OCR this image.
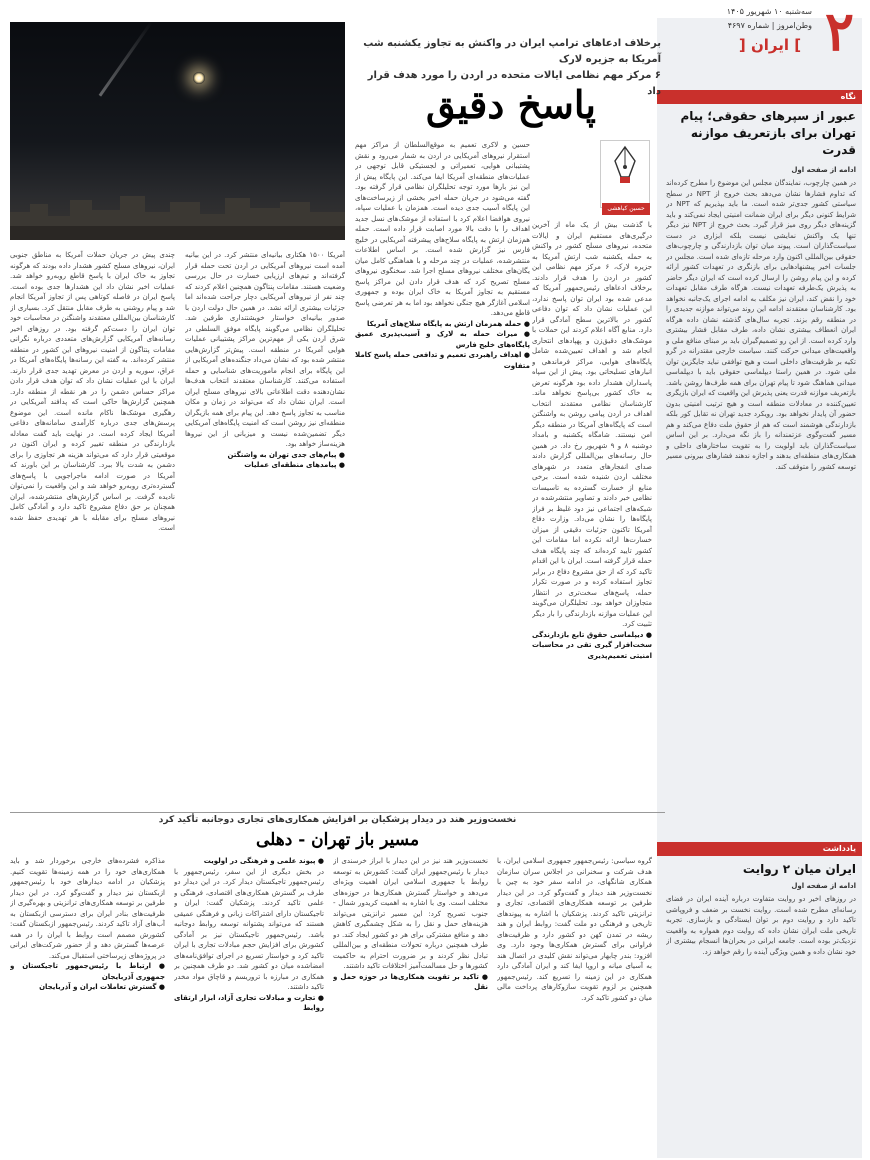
۲
سه‌شنبه ۱۰ شهریور ۱۴۰۵
وطن‌امروز | شماره ۴۶۹۷
] ایران [
نگاه
عبور از سپرهای حقوقی؛ پیام تهران برای بازتعریف موازنه قدرت
ادامه از صفحه اول
در همین چارچوب، نمایندگان مجلس این موضوع را مطرح کرده‌اند که تداوم فشارها نشان می‌دهد بحث خروج از NPT در سطح سیاستی کشور جدی‌تر شده است. ما باید بپذیریم که NPT در شرایط کنونی دیگر برای ایران ضمانت امنیتی ایجاد نمی‌کند و باید گزینه‌های دیگر روی میز قرار گیرد. بحث خروج از NPT نیز دیگر تنها یک واکنش نمایشی نیست بلکه ابزاری در دست سیاست‌گذاران است. پیوند میان توان بازدارندگی و چارچوب‌های حقوقی بین‌المللی اکنون وارد مرحله تازه‌ای شده است. مجلس در جلسات اخیر پیشنهادهایی برای بازنگری در تعهدات کشور ارائه کرده و این پیام روشن را ارسال کرده است که ایران دیگر حاضر به پذیرش یک‌طرفه تعهدات نیست. هرگاه طرف مقابل تعهدات خود را نقض کند، ایران نیز مکلف به ادامه اجرای یک‌جانبه نخواهد بود. کارشناسان معتقدند ادامه این روند می‌تواند موازنه جدیدی را در منطقه رقم بزند. تجربه سال‌های گذشته نشان داده هرگاه ایران انعطاف بیشتری نشان داده، طرف مقابل فشار بیشتری وارد کرده است. از این رو تصمیم‌گیران باید بر مبنای منافع ملی و واقعیت‌های میدانی حرکت کنند. سیاست خارجی مقتدرانه در گرو تکیه بر ظرفیت‌های داخلی است و هیچ توافقی نباید جایگزین توان ملی شود. در همین راستا دیپلماسی حقوقی باید با دیپلماسی میدانی هماهنگ شود تا پیام تهران برای همه طرف‌ها روشن باشد. بازتعریف موازنه قدرت یعنی پذیرش این واقعیت که ایران بازیگری تعیین‌کننده در معادلات منطقه است و هیچ ترتیب امنیتی بدون حضور آن پایدار نخواهد بود. رویکرد جدید تهران نه تقابل کور بلکه بازدارندگی هوشمند است که هم از حقوق ملت دفاع می‌کند و هم مسیر گفت‌وگوی عزتمندانه را باز نگه می‌دارد. بر این اساس سیاست‌گذاران باید اولویت را به تقویت ساختارهای داخلی و همکاری‌های منطقه‌ای بدهند و اجازه ندهند فشارهای بیرونی مسیر توسعه کشور را متوقف کند.
یادداشت
ایران میان ۲ روایت
ادامه از صفحه اول
در روزهای اخیر دو روایت متفاوت درباره آینده ایران در فضای رسانه‌ای مطرح شده است. روایت نخست بر ضعف و فروپاشی تاکید دارد و روایت دوم بر توان ایستادگی و بازسازی. تجربه تاریخی ملت ایران نشان داده که روایت دوم همواره به واقعیت نزدیک‌تر بوده است. جامعه ایرانی در بحران‌ها انسجام بیشتری از خود نشان داده و همین ویژگی آینده را رقم خواهد زد.
برخلاف ادعاهای ترامپ ایران در واکنش به تجاوز یکشنبه شب آمریکا به جزیره لارک
۶ مرکز مهم نظامی ایالات متحده در اردن را مورد هدف قرار داد
پاسخ دقیق
حسین کیاهشی
با گذشت بیش از یک ماه از آخرین درگیری‌های مستقیم ایران و ایالات متحده، نیروهای مسلح کشور در واکنش به حمله یکشنبه شب ارتش آمریکا به جزیره لارک، ۶ مرکز مهم نظامی این کشور در اردن را هدف قرار دادند. برخلاف ادعاهای رئیس‌جمهور آمریکا که مدعی شده بود ایران توان پاسخ ندارد، این عملیات نشان داد که توان دفاعی کشور در بالاترین سطح آمادگی قرار دارد. منابع آگاه اعلام کردند این حملات با موشک‌های دقیق‌زن و پهپادهای انتحاری انجام شد و اهداف تعیین‌شده شامل پایگاه‌های هوایی، مراکز فرماندهی و انبارهای تسلیحاتی بود. پیش از این سپاه پاسداران هشدار داده بود هرگونه تعرض به خاک کشور بی‌پاسخ نخواهد ماند. کارشناسان نظامی معتقدند انتخاب اهداف در اردن پیامی روشن به واشنگتن است که پایگاه‌های آمریکا در منطقه دیگر امن نیستند. شامگاه یکشنبه و بامداد دوشنبه ۸ و ۹ شهریور رخ داد. در همین حال رسانه‌های بین‌المللی گزارش دادند صدای انفجارهای متعدد در شهرهای مختلف اردن شنیده شده است. برخی منابع از خسارت گسترده به تاسیسات نظامی خبر دادند و تصاویر منتشرشده در شبکه‌های اجتماعی نیز دود غلیظ بر فراز پایگاه‌ها را نشان می‌داد. وزارت دفاع آمریکا تاکنون جزئیات دقیقی از میزان خسارت‌ها ارائه نکرده اما مقامات این کشور تایید کرده‌اند که چند پایگاه هدف حمله قرار گرفته است. ایران با این اقدام تاکید کرد که از حق مشروع دفاع در برابر تجاوز استفاده کرده و در صورت تکرار حمله، پاسخ‌های سخت‌تری در انتظار متجاوزان خواهد بود. تحلیلگران می‌گویند این عملیات موازنه بازدارندگی را بار دیگر تثبیت کرد.
● دیپلماسی حقوق تابع بازدارندگی سخت‌افزار گیری تقی در محاسبات امنیتی تعمیم‌پذیری
حسین و لاکری تعمیم به موقع‌السلطان از مراکز مهم استقرار نیروهای آمریکایی در اردن به شمار می‌رود و نقش پشتیبانی هوایی، تعمیراتی و لجستیکی قابل توجهی در عملیات‌های منطقه‌ای آمریکا ایفا می‌کند. این پایگاه پیش از این نیز بارها مورد توجه تحلیلگران نظامی قرار گرفته بود. گفته می‌شود در جریان حمله اخیر بخشی از زیرساخت‌های این پایگاه آسیب جدی دیده است. همزمان با عملیات سپاه، نیروی هوافضا اعلام کرد با استفاده از موشک‌های نسل جدید اهداف را با دقت بالا مورد اصابت قرار داده است. حمله هم‌زمان ارتش به پایگاه سلاح‌های پیشرفته آمریکایی در خلیج فارس نیز گزارش شده است. بر اساس اطلاعات منتشرشده، عملیات در چند مرحله و با هماهنگی کامل میان یگان‌های مختلف نیروهای مسلح اجرا شد. سخنگوی نیروهای مسلح تصریح کرد که هدف قرار دادن این مراکز پاسخ مستقیم به تجاوز آمریکا به خاک ایران بوده و جمهوری اسلامی آغازگر هیچ جنگی نخواهد بود اما به هر تعرضی پاسخ قاطع می‌دهد.
● حمله همزمان ارتش به پایگاه سلاح‌های آمریکا
● میراث حمله به لارک و آسیب‌پذیری عمیق پایگاه‌های خلیج فارس
● اهداف راهبردی تعمیم و تدافعی حمله پاسخ کاملا متفاوت
آمریکا ۱۵۰۰ هکتاری بیانیه‌ای منتشر کرد. در این بیانیه آمده است نیروهای آمریکایی در اردن تحت حمله قرار گرفته‌اند و تیم‌های ارزیابی خسارت در حال بررسی وضعیت هستند. مقامات پنتاگون همچنین اعلام کردند که چند نفر از نیروهای آمریکایی دچار جراحت شده‌اند اما جزئیات بیشتری ارائه نشد. در همین حال دولت اردن با صدور بیانیه‌ای خواستار خویشتنداری طرفین شد. تحلیلگران نظامی می‌گویند پایگاه موفق السلطی در شرق اردن یکی از مهم‌ترین مراکز پشتیبانی عملیات هوایی آمریکا در منطقه است. پیش‌تر گزارش‌هایی منتشر شده بود که نشان می‌داد جنگنده‌های آمریکایی از این پایگاه برای انجام ماموریت‌های شناسایی و حمله استفاده می‌کنند. کارشناسان معتقدند انتخاب هدف‌ها نشان‌دهنده دقت اطلاعاتی بالای نیروهای مسلح ایران است. ایران نشان داد که می‌تواند در زمان و مکان مناسب به تجاوز پاسخ دهد. این پیام برای همه بازیگران منطقه‌ای نیز روشن است که امنیت پایگاه‌های آمریکایی دیگر تضمین‌شده نیست و میزبانی از این نیروها هزینه‌ساز خواهد بود.
● پیام‌های جدی تهران به واشنگتن
● پیامدهای منطقه‌ای عملیات
چندی پیش در جریان حملات آمریکا به مناطق جنوبی ایران، نیروهای مسلح کشور هشدار داده بودند که هرگونه تجاوز به خاک ایران با پاسخ قاطع روبه‌رو خواهد شد. عملیات اخیر نشان داد این هشدارها جدی بوده است. پاسخ ایران در فاصله کوتاهی پس از تجاوز آمریکا انجام شد و پیام روشنی به طرف مقابل منتقل کرد. بسیاری از کارشناسان بین‌المللی معتقدند واشنگتن در محاسبات خود توان ایران را دست‌کم گرفته بود. در روزهای اخیر رسانه‌های آمریکایی گزارش‌های متعددی درباره نگرانی مقامات پنتاگون از امنیت نیروهای این کشور در منطقه منتشر کرده‌اند. به گفته این رسانه‌ها پایگاه‌های آمریکا در عراق، سوریه و اردن در معرض تهدید جدی قرار دارند. ایران با این عملیات نشان داد که توان هدف قرار دادن مراکز حساس دشمن را در هر نقطه از منطقه دارد. همچنین گزارش‌ها حاکی است که پدافند آمریکایی در رهگیری موشک‌ها ناکام مانده است. این موضوع پرسش‌های جدی درباره کارآمدی سامانه‌های دفاعی آمریکا ایجاد کرده است. در نهایت باید گفت معادله بازدارندگی در منطقه تغییر کرده و ایران اکنون در موقعیتی قرار دارد که می‌تواند هزینه هر تجاوزی را برای دشمن به شدت بالا ببرد. کارشناسان بر این باورند که آمریکا در صورت ادامه ماجراجویی با پاسخ‌های گسترده‌تری روبه‌رو خواهد شد و این واقعیت را نمی‌توان نادیده گرفت. بر اساس گزارش‌های منتشرشده، ایران همچنان بر حق دفاع مشروع تاکید دارد و آمادگی کامل نیروهای مسلح برای مقابله با هر تهدیدی حفظ شده است.
نخست‌وزیر هند در دیدار پزشکیان بر افزایش همکاری‌های تجاری دوجانبه تأکید کرد
مسیر باز تهران - دهلی
گروه سیاسی: رئیس‌جمهور جمهوری اسلامی ایران، با هدف شرکت و سخنرانی در اجلاس سران سازمان همکاری شانگهای، در ادامه سفر خود به چین با نخست‌وزیر هند دیدار و گفت‌وگو کرد. در این دیدار طرفین بر توسعه همکاری‌های اقتصادی، تجاری و ترانزیتی تاکید کردند. پزشکیان با اشاره به پیوندهای تاریخی و فرهنگی دو ملت گفت: روابط ایران و هند ریشه در تمدن کهن دو کشور دارد و ظرفیت‌های فراوانی برای گسترش همکاری‌ها وجود دارد. وی افزود: بندر چابهار می‌تواند نقش کلیدی در اتصال هند به آسیای میانه و اروپا ایفا کند و ایران آمادگی دارد همکاری در این زمینه را تسریع کند. رئیس‌جمهور همچنین بر لزوم تقویت سازوکارهای پرداخت مالی میان دو کشور تاکید کرد.
نخست‌وزیر هند نیز در این دیدار با ابراز خرسندی از دیدار با رئیس‌جمهور ایران گفت: کشورش به توسعه روابط با جمهوری اسلامی ایران اهمیت ویژه‌ای می‌دهد و خواستار گسترش همکاری‌ها در حوزه‌های مختلف است. وی با اشاره به اهمیت کریدور شمال - جنوب تصریح کرد: این مسیر ترانزیتی می‌تواند هزینه‌های حمل و نقل را به شکل چشمگیری کاهش دهد و منافع مشترکی برای هر دو کشور ایجاد کند. دو طرف همچنین درباره تحولات منطقه‌ای و بین‌المللی تبادل نظر کردند و بر ضرورت احترام به حاکمیت کشورها و حل مسالمت‌آمیز اختلافات تاکید داشتند.
● تاکید بر تقویت همکاری‌ها در حوزه حمل و نقل
● پیوند علمی و فرهنگی در اولویت
در بخش دیگری از این سفر، رئیس‌جمهور با رئیس‌جمهور تاجیکستان دیدار کرد. در این دیدار دو طرف بر گسترش همکاری‌های اقتصادی، فرهنگی و علمی تاکید کردند. پزشکیان گفت: ایران و تاجیکستان دارای اشتراکات زبانی و فرهنگی عمیقی هستند که می‌تواند پشتوانه توسعه روابط دوجانبه باشد. رئیس‌جمهور تاجیکستان نیز بر آمادگی کشورش برای افزایش حجم مبادلات تجاری با ایران تاکید کرد و خواستار تسریع در اجرای توافق‌نامه‌های امضاشده میان دو کشور شد. دو طرف همچنین بر همکاری در مبارزه با تروریسم و قاچاق مواد مخدر تاکید داشتند.
● تجارت و مبادلات تجاری آزاد، ابزار ارتقای روابط
مذاکره فشرده‌های خارجی برخوردار شد و باید همکاری‌های خود را در همه زمینه‌ها تقویت کنیم. پزشکیان در ادامه دیدارهای خود با رئیس‌جمهور ازبکستان نیز دیدار و گفت‌وگو کرد. در این دیدار طرفین بر توسعه همکاری‌های ترانزیتی و بهره‌گیری از ظرفیت‌های بنادر ایران برای دسترسی ازبکستان به آب‌های آزاد تاکید کردند. رئیس‌جمهور ازبکستان گفت: کشورش مصمم است روابط با ایران را در همه عرصه‌ها گسترش دهد و از حضور شرکت‌های ایرانی در پروژه‌های زیرساختی استقبال می‌کند.
● ارتباط با رئیس‌جمهور تاجیکستان و جمهوری آذربایجان
● گسترش تعاملات ایران و آذربایجان
